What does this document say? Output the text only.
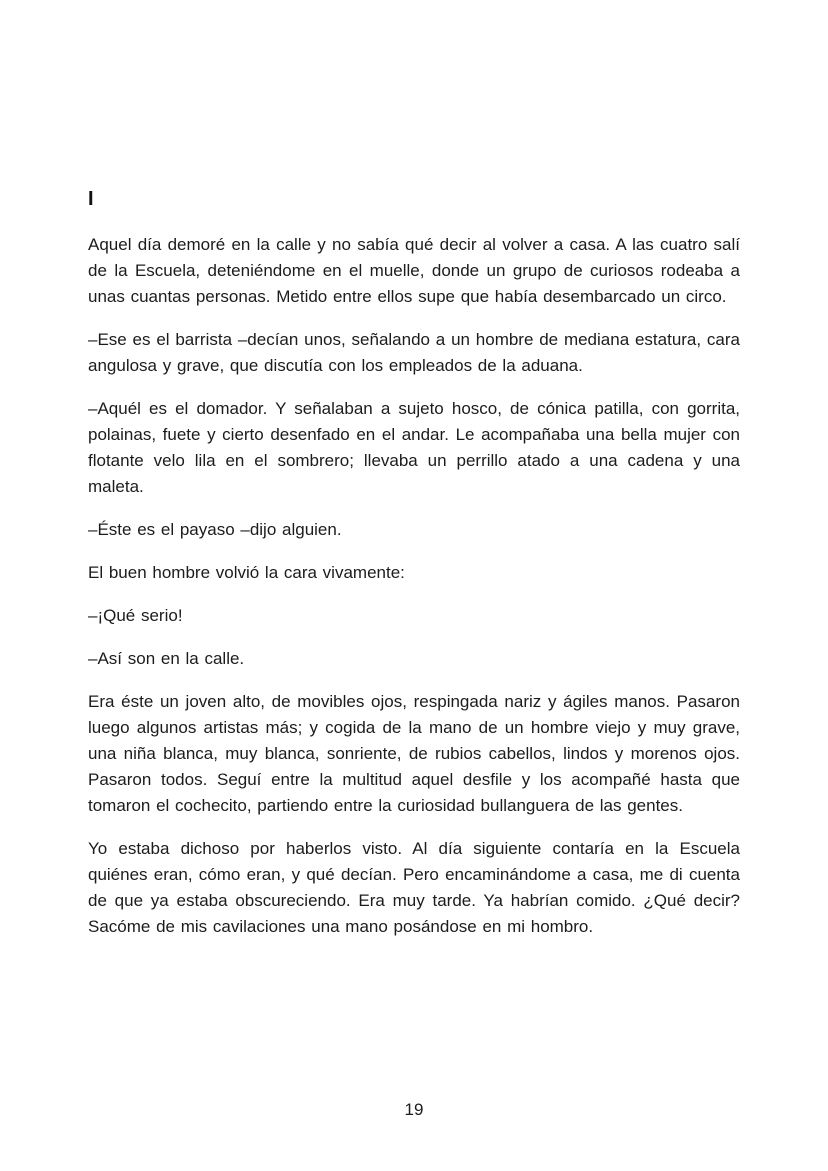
I

Aquel día demoré en la calle y no sabía qué decir al volver a casa. A las cuatro salí de la Escuela, deteniéndome en el muelle, donde un grupo de curiosos rodeaba a unas cuantas personas. Metido entre ellos supe que había desembarcado un circo.

–Ese es el barrista –decían unos, señalando a un hombre de mediana estatura, cara angulosa y grave, que discutía con los empleados de la aduana.

–Aquél es el domador. Y señalaban a sujeto hosco, de cónica patilla, con gorrita, polainas, fuete y cierto desenfado en el andar. Le acompañaba una bella mujer con flotante velo lila en el sombrero; llevaba un perrillo atado a una cadena y una maleta.

–Éste es el payaso –dijo alguien.

El buen hombre volvió la cara vivamente:

–¡Qué serio!

–Así son en la calle.

Era éste un joven alto, de movibles ojos, respingada nariz y ágiles manos. Pasaron luego algunos artistas más; y cogida de la mano de un hombre viejo y muy grave, una niña blanca, muy blanca, sonriente, de rubios cabellos, lindos y morenos ojos. Pasaron todos. Seguí entre la multitud aquel desfile y los acompañé hasta que tomaron el cochecito, partiendo entre la curiosidad bullanguera de las gentes.

Yo estaba dichoso por haberlos visto. Al día siguiente contaría en la Escuela quiénes eran, cómo eran, y qué decían. Pero encaminándome a casa, me di cuenta de que ya estaba obscureciendo. Era muy tarde. Ya habrían comido. ¿Qué decir? Sacóme de mis cavilaciones una mano posándose en mi hombro.

19
